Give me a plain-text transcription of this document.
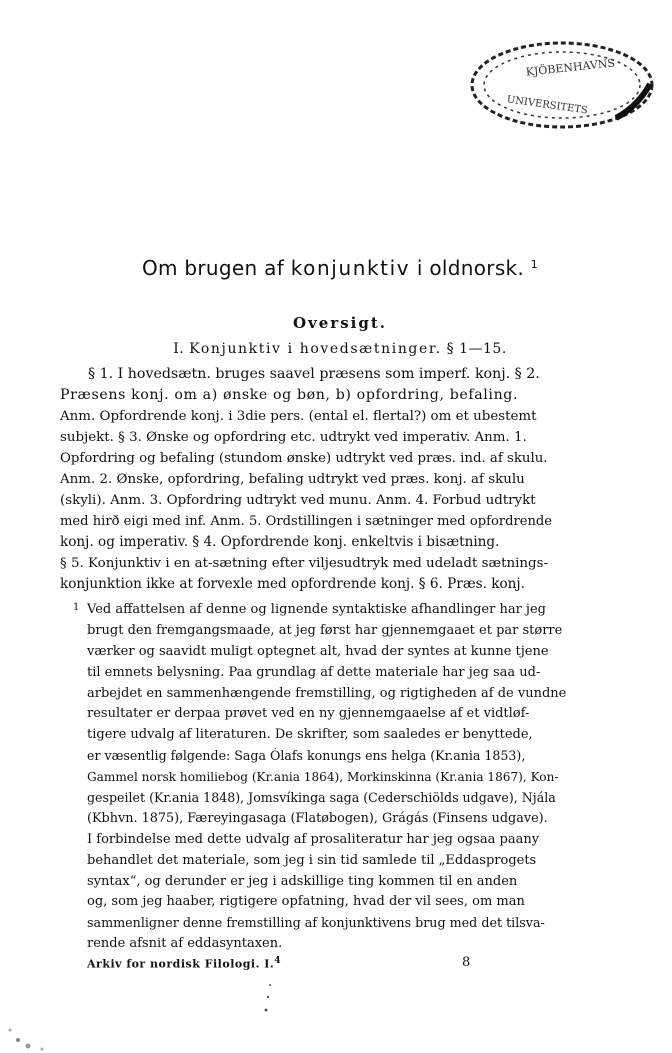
KJÖBENHAVNS
UNIVERSITETS
Om brugen af konjunktiv i oldnorsk. $^1$
Oversigt.
I. Konjunktiv i hovedsætninger. § 1—15.
§ 1. I hovedsætn. bruges saavel præsens som imperf. konj. § 2.
Præsens konj. om a) ønske og bøn, b) opfordring, befaling.
Anm. Opfordrende konj. i 3die pers. (ental el. flertal?) om et ubestemt
subjekt. § 3. Ønske og opfordring etc. udtrykt ved imperativ. Anm. 1.
Opfordring og befaling (stundom ønske) udtrykt ved præs. ind. af skulu.
Anm. 2. Ønske, opfordring, befaling udtrykt ved præs. konj. af skulu
(skyli). Anm. 3. Opfordring udtrykt ved munu. Anm. 4. Forbud udtrykt
med hirð eigi med inf. Anm. 5. Ordstillingen i sætninger med opfordrende
konj. og imperativ. § 4. Opfordrende konj. enkeltvis i bisætning.
§ 5. Konjunktiv i en at-sætning efter viljesudtryk med udeladt sætnings-
konjunktion ikke at forvexle med opfordrende konj. § 6. Præs. konj.
1 Ved affattelsen af denne og lignende syntaktiske afhandlinger har jeg
brugt den fremgangsmaade, at jeg først har gjennemgaaet et par større
værker og saavidt muligt optegnet alt, hvad der syntes at kunne tjene
til emnets belysning. Paa grundlag af dette materiale har jeg saa ud-
arbejdet en sammenhængende fremstilling, og rigtigheden af de vundne
resultater er derpaa prøvet ved en ny gjennemgaaelse af et vidtløf-
tigere udvalg af literaturen. De skrifter, som saaledes er benyttede,
er væsentlig følgende: Saga Ólafs konungs ens helga (Kr.ania 1853),
Gammel norsk homiliebog (Kr.ania 1864), Morkinskinna (Kr.ania 1867), Kon-
gespeilet (Kr.ania 1848), Jomsvíkinga saga (Cederschiölds udgave), Njála
(Kbhvn. 1875), Færeyingasaga (Flatøbogen), Grágás (Finsens udgave).
I forbindelse med dette udvalg af prosaliteratur har jeg ogsaa paany
behandlet det materiale, som jeg i sin tid samlede til „Eddasprogets
syntax“, og derunder er jeg i adskillige ting kommen til en anden
og, som jeg haaber, rigtigere opfatning, hvad der vil sees, om man
sammenligner denne fremstilling af konjunktivens brug med det tilsva-
rende afsnit af eddasyntaxen.
Arkiv for nordisk Filologi. I.$^4$	8
